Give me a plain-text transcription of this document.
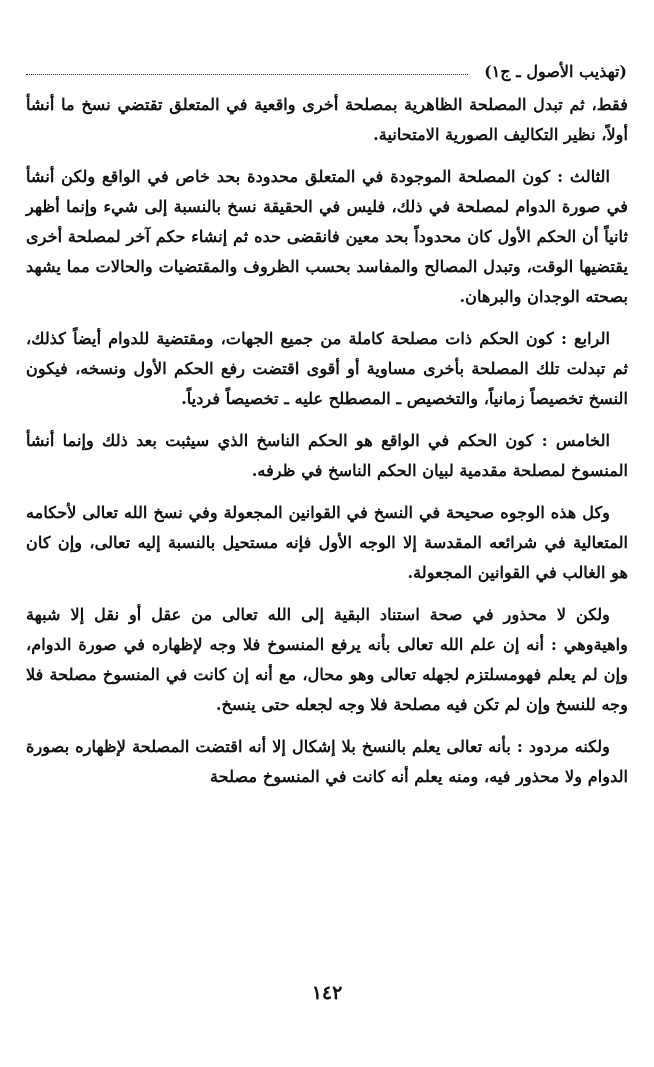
(تهذيب الأصول ـ ج١)

فقط، ثم تبدل المصلحة الظاهرية بمصلحة أخرى واقعية في المتعلق تقتضي نسخ ما أنشأ أولاً، نظير التكاليف الصورية الامتحانية.

الثالث : كون المصلحة الموجودة في المتعلق محدودة بحد خاص في الواقع ولكن أنشأ في صورة الدوام لمصلحة في ذلك، فليس في الحقيقة نسخ بالنسبة إلى شيء وإنما أظهر ثانياً أن الحكم الأول كان محدوداً بحد معين فانقضى حده ثم إنشاء حكم آخر لمصلحة أخرى يقتضيها الوقت، وتبدل المصالح والمفاسد بحسب الظروف والمقتضيات والحالات مما يشهد بصحته الوجدان والبرهان.

الرابع : كون الحكم ذات مصلحة كاملة من جميع الجهات، ومقتضية للدوام أيضاً كذلك، ثم تبدلت تلك المصلحة بأخرى مساوية أو أقوى اقتضت رفع الحكم الأول ونسخه، فيكون النسخ تخصيصاً زمانياً، والتخصيص ـ المصطلح عليه ـ تخصيصاً فردياً.

الخامس : كون الحكم في الواقع هو الحكم الناسخ الذي سيثبت بعد ذلك وإنما أنشأ المنسوخ لمصلحة مقدمية لبيان الحكم الناسخ في ظرفه.

وكل هذه الوجوه صحيحة في النسخ في القوانين المجعولة وفي نسخ الله تعالى لأحكامه المتعالية في شرائعه المقدسة إلا الوجه الأول فإنه مستحيل بالنسبة إليه تعالى، وإن كان هو الغالب في القوانين المجعولة.

ولكن لا محذور في صحة استناد البقية إلى الله تعالى من عقل أو نقل إلا شبهة واهيةوهي : أنه إن علم الله تعالى بأنه يرفع المنسوخ فلا وجه لإظهاره في صورة الدوام، وإن لم يعلم فهومسلتزم لجهله تعالى وهو محال، مع أنه إن كانت في المنسوخ مصلحة فلا وجه للنسخ وإن لم تكن فيه مصلحة فلا وجه لجعله حتى ينسخ.

ولكنه مردود : بأنه تعالى يعلم بالنسخ بلا إشكال إلا أنه اقتضت المصلحة لإظهاره بصورة الدوام ولا محذور فيه، ومنه يعلم أنه كانت في المنسوخ مصلحة

١٤٢
